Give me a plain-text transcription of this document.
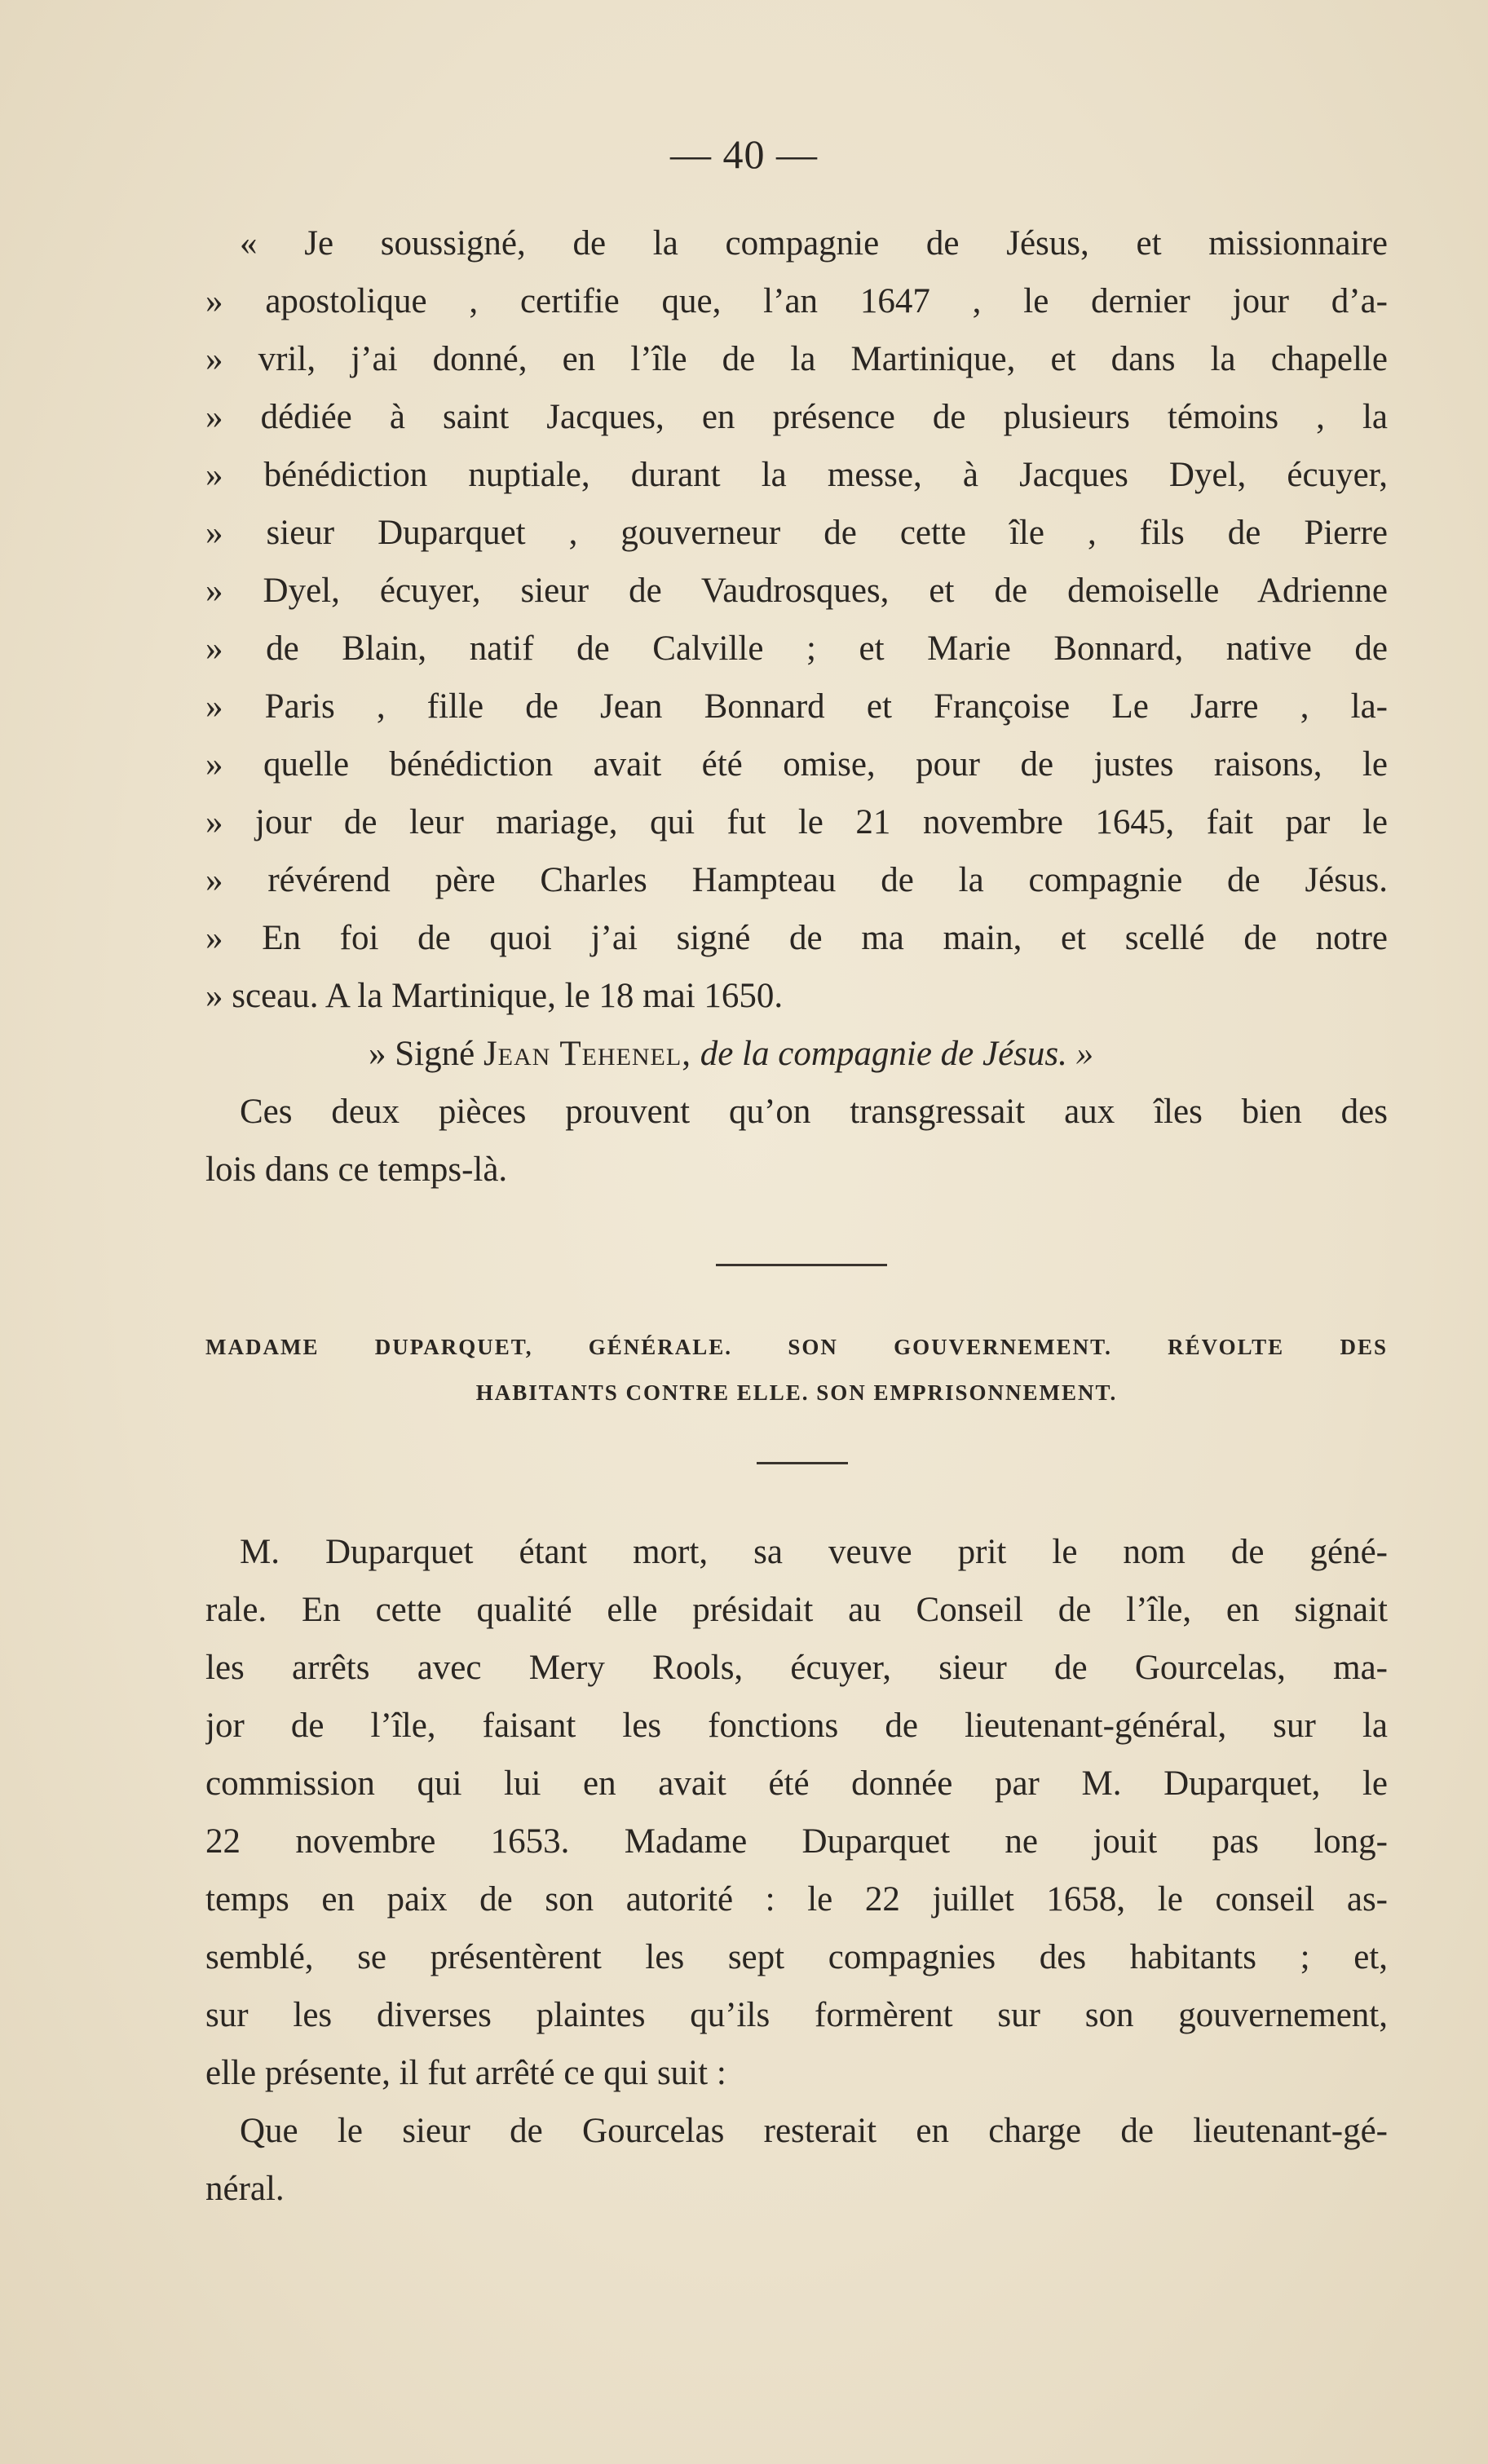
— 40 —
« Je soussigné, de la compagnie de Jésus, et missionnaire
» apostolique , certifie que, l’an 1647 , le dernier jour d’a-
» vril, j’ai donné, en l’île de la Martinique, et dans la chapelle
» dédiée à saint Jacques, en présence de plusieurs témoins , la
» bénédiction nuptiale, durant la messe, à Jacques Dyel, écuyer,
» sieur Duparquet , gouverneur de cette île , fils de Pierre
» Dyel, écuyer, sieur de Vaudrosques, et de demoiselle Adrienne
» de Blain, natif de Calville ; et Marie Bonnard, native de
» Paris , fille de Jean Bonnard et Françoise Le Jarre , la-
» quelle bénédiction avait été omise, pour de justes raisons, le
» jour de leur mariage, qui fut le 21 novembre 1645, fait par le
» révérend père Charles Hampteau de la compagnie de Jésus.
» En foi de quoi j’ai signé de ma main, et scellé de notre
» sceau. A la Martinique, le 18 mai 1650.
» Signé Jean Tehenel, de la compagnie de Jésus. »
Ces deux pièces prouvent qu’on transgressait aux îles bien des
lois dans ce temps-là.
MADAME DUPARQUET, GÉNÉRALE. SON GOUVERNEMENT. RÉVOLTE DES
HABITANTS CONTRE ELLE. SON EMPRISONNEMENT.
M. Duparquet étant mort, sa veuve prit le nom de géné-
rale. En cette qualité elle présidait au Conseil de l’île, en signait
les arrêts avec Mery Rools, écuyer, sieur de Gourcelas, ma-
jor de l’île, faisant les fonctions de lieutenant-général, sur la
commission qui lui en avait été donnée par M. Duparquet, le
22 novembre 1653. Madame Duparquet ne jouit pas long-
temps en paix de son autorité : le 22 juillet 1658, le conseil as-
semblé, se présentèrent les sept compagnies des habitants ; et,
sur les diverses plaintes qu’ils formèrent sur son gouvernement,
elle présente, il fut arrêté ce qui suit :
Que le sieur de Gourcelas resterait en charge de lieutenant-gé-
néral.
